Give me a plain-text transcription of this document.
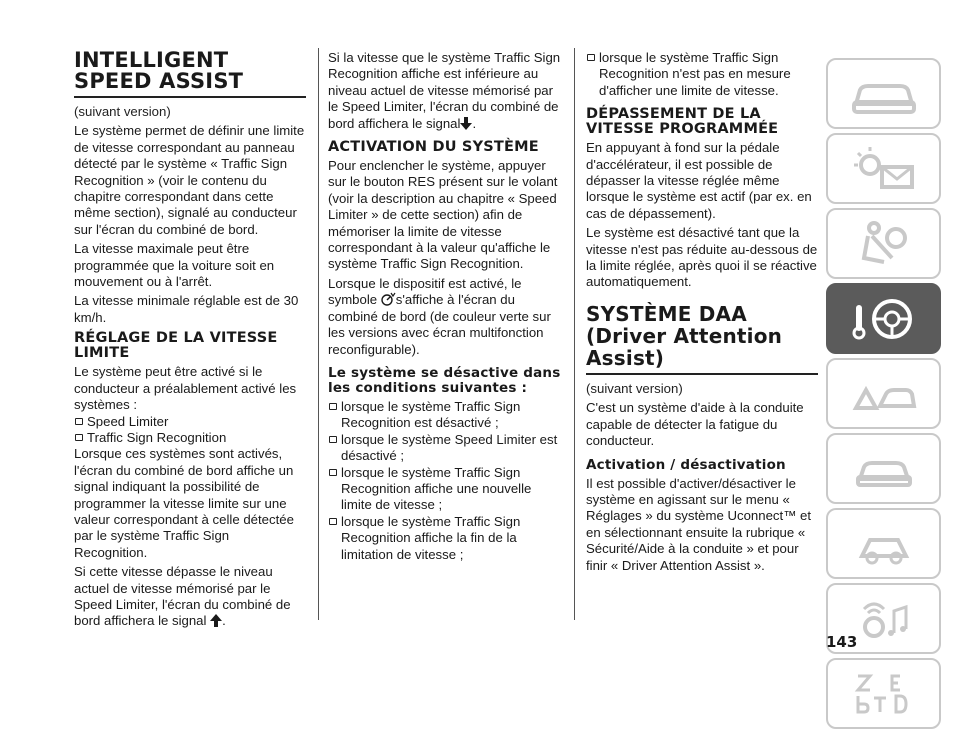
INTELLIGENT SPEED ASSIST

(suivant version)

Le système permet de définir une limite de vitesse correspondant au panneau détecté par le système « Traffic Sign Recognition » (voir le contenu du chapitre correspondant dans cette même section), signalé au conducteur sur l'écran du combiné de bord.

La vitesse maximale peut être programmée que la voiture soit en mouvement ou à l'arrêt.

La vitesse minimale réglable est de 30 km/h.

RÉGLAGE DE LA VITESSE LIMITE

Le système peut être activé si le conducteur a préalablement activé les systèmes :

Speed Limiter
Traffic Sign Recognition

Lorsque ces systèmes sont activés, l'écran du combiné de bord affiche un signal indiquant la possibilité de programmer la vitesse limite sur une valeur correspondant à celle détectée par le système Traffic Sign Recognition.

Si cette vitesse dépasse le niveau actuel de vitesse mémorisé par le Speed Limiter, l'écran du combiné de bord affichera le signal .

Si la vitesse que le système Traffic Sign Recognition affiche est inférieure au niveau actuel de vitesse mémorisé par le Speed Limiter, l'écran du combiné de bord affichera le signal .

ACTIVATION DU SYSTÈME

Pour enclencher le système, appuyer sur le bouton RES présent sur le volant (voir la description au chapitre « Speed Limiter » de cette section) afin de mémoriser la limite de vitesse correspondant à la valeur qu'affiche le système Traffic Sign Recognition.

Lorsque le dispositif est activé, le symbole s'affiche à l'écran du combiné de bord (de couleur verte sur les versions avec écran multifonction reconfigurable).

Le système se désactive dans les conditions suivantes :
lorsque le système Traffic Sign Recognition est désactivé ;
lorsque le système Speed Limiter est désactivé ;
lorsque le système Traffic Sign Recognition affiche une nouvelle limite de vitesse ;
lorsque le système Traffic Sign Recognition affiche la fin de la limitation de vitesse ;
lorsque le système Traffic Sign Recognition n'est pas en mesure d'afficher une limite de vitesse.
DÉPASSEMENT DE LA VITESSE PROGRAMMÉE

En appuyant à fond sur la pédale d'accélérateur, il est possible de dépasser la vitesse réglée même lorsque le système est actif (par ex. en cas de dépassement).

Le système est désactivé tant que la vitesse n'est pas réduite au-dessous de la limite réglée, après quoi il se réactive automatiquement.

SYSTÈME DAA (Driver Attention Assist)

(suivant version)

C'est un système d'aide à la conduite capable de détecter la fatigue du conducteur.

Activation / désactivation

Il est possible d'activer/désactiver le système en agissant sur le menu « Réglages » du système Uconnect™ et en sélectionnant ensuite la rubrique « Sécurité/Aide à la conduite » et pour finir « Driver Attention Assist ».

143
